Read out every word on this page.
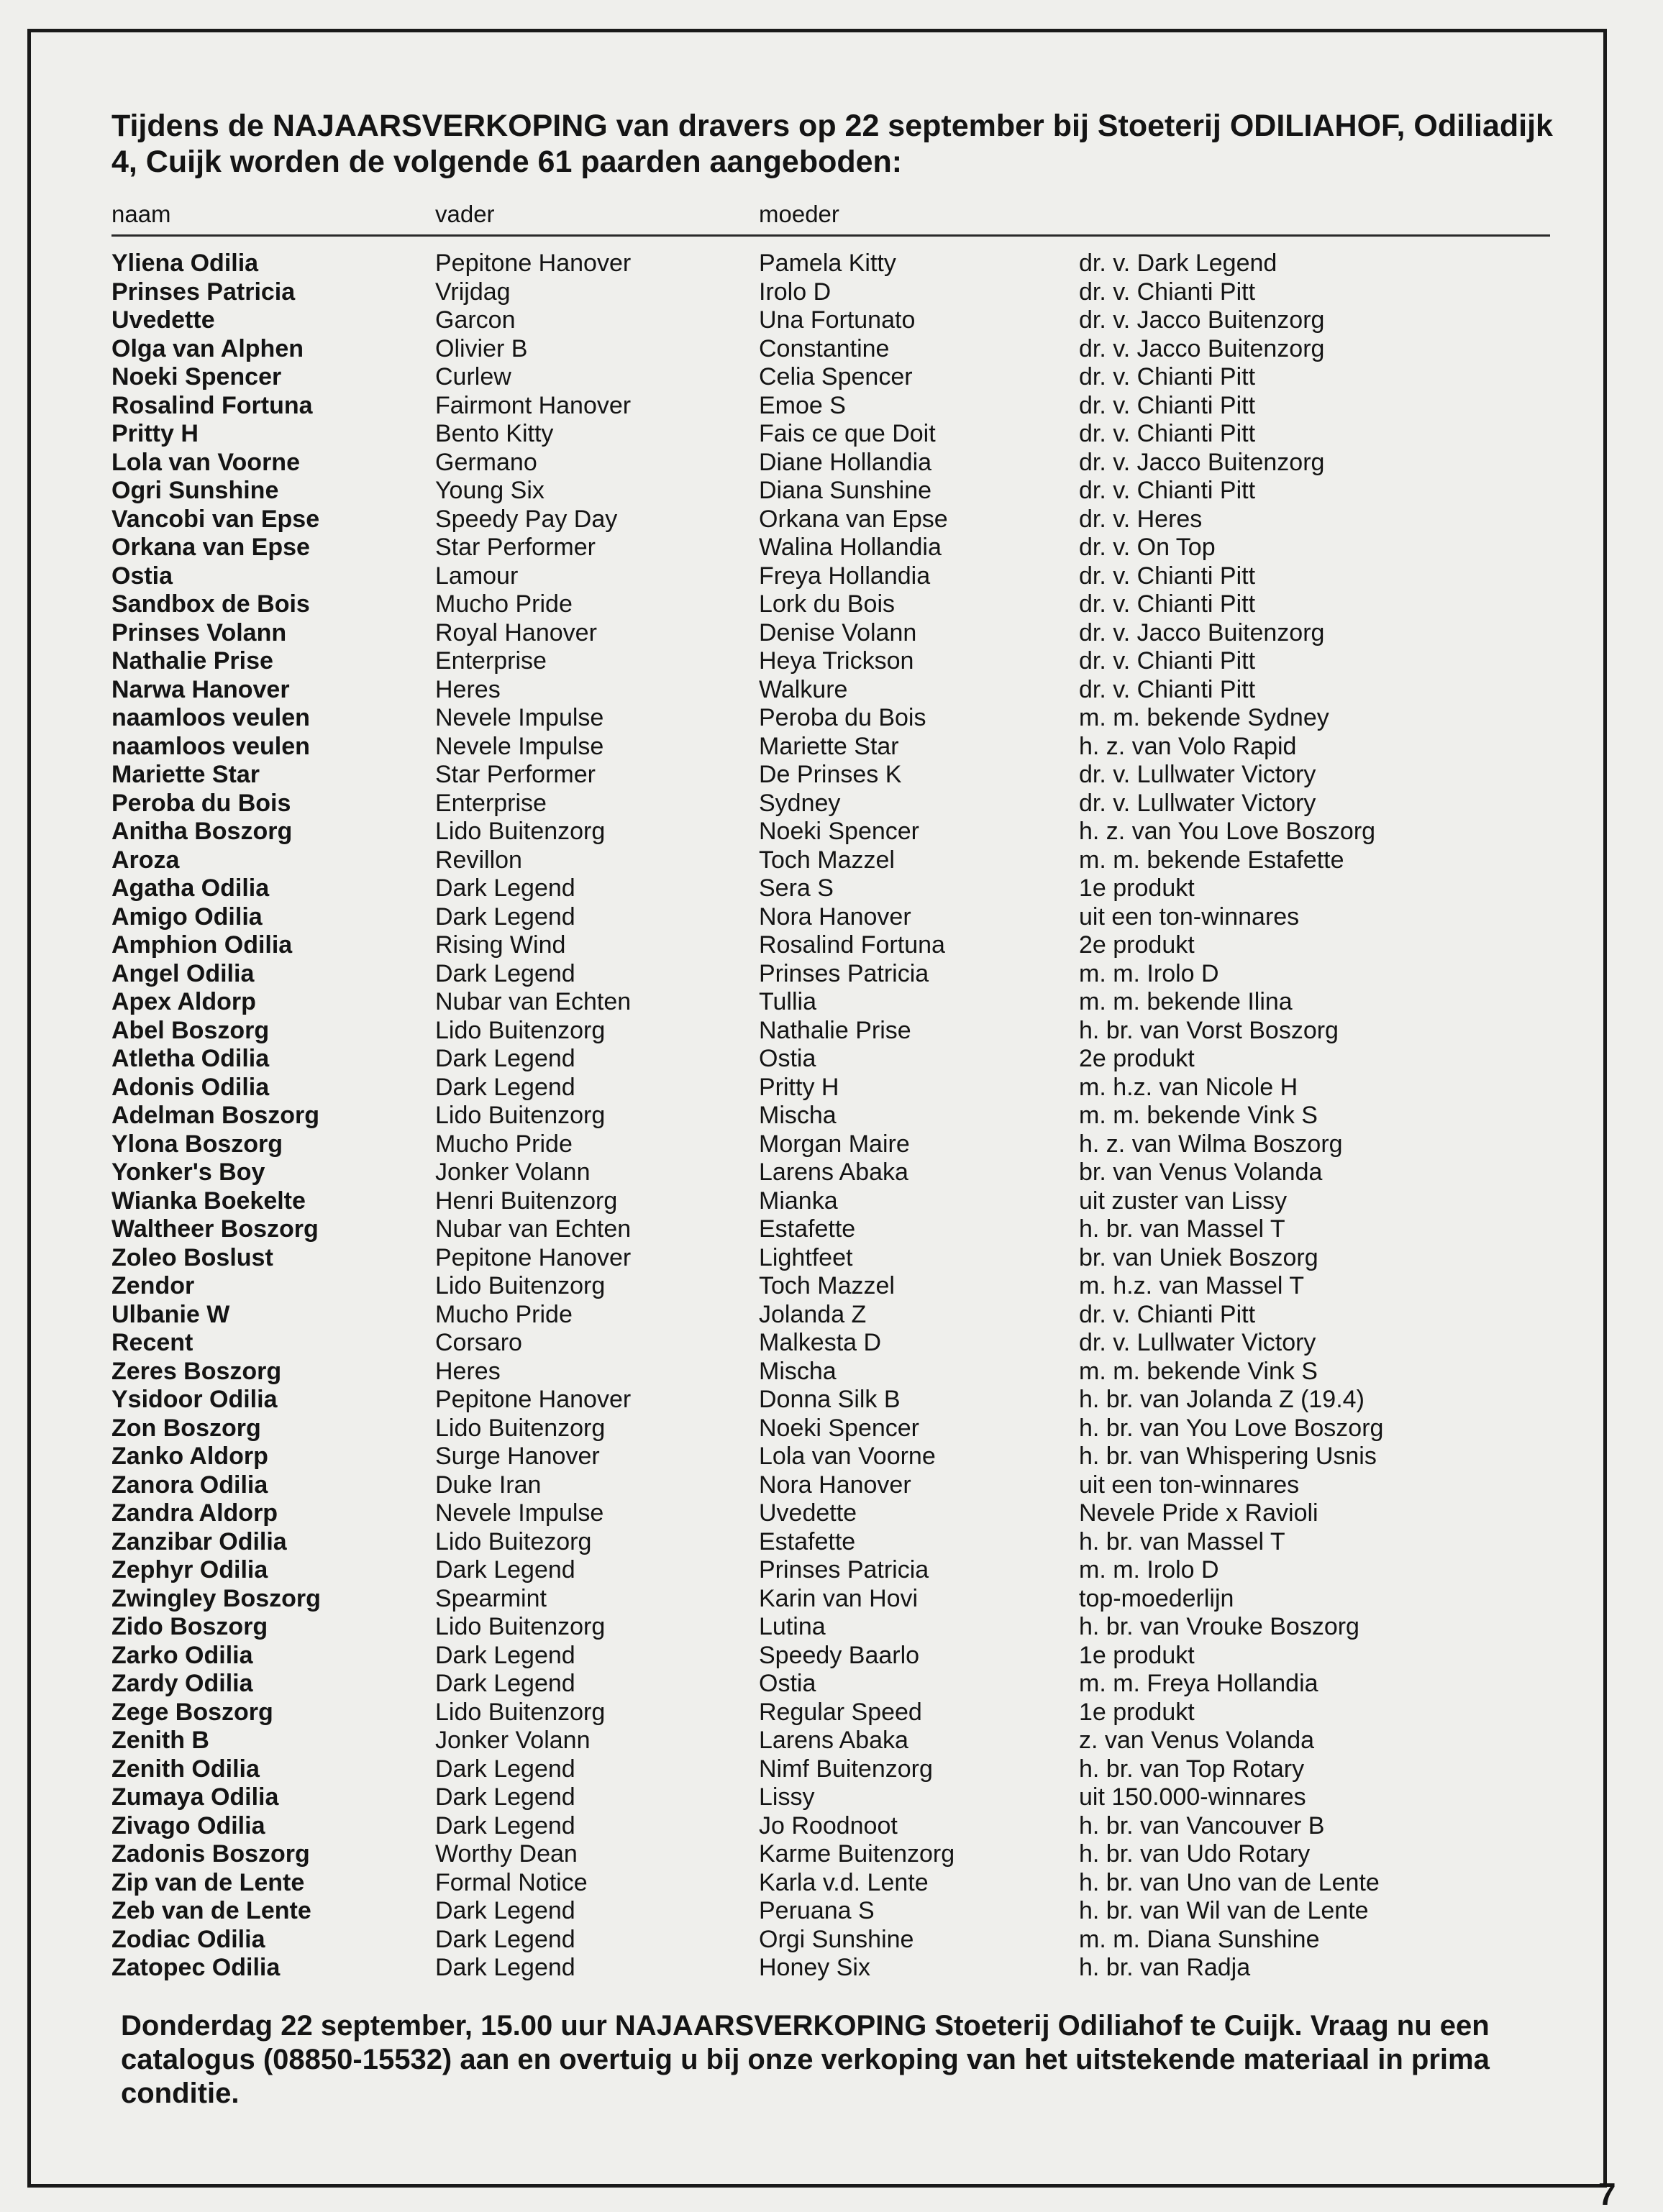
Tijdens de NAJAARSVERKOPING van dravers op 22 september bij Stoeterij ODILIAHOF, Odiliadijk 4, Cuijk worden de volgende 61 paarden aangeboden:

naam	vader	moeder
Yliena Odilia	Pepitone Hanover	Pamela Kitty	dr. v. Dark Legend
Prinses Patricia	Vrijdag	Irolo D	dr. v. Chianti Pitt
Uvedette	Garcon	Una Fortunato	dr. v. Jacco Buitenzorg
Olga van Alphen	Olivier B	Constantine	dr. v. Jacco Buitenzorg
Noeki Spencer	Curlew	Celia Spencer	dr. v. Chianti Pitt
Rosalind Fortuna	Fairmont Hanover	Emoe S	dr. v. Chianti Pitt
Pritty H	Bento Kitty	Fais ce que Doit	dr. v. Chianti Pitt
Lola van Voorne	Germano	Diane Hollandia	dr. v. Jacco Buitenzorg
Ogri Sunshine	Young Six	Diana Sunshine	dr. v. Chianti Pitt
Vancobi van Epse	Speedy Pay Day	Orkana van Epse	dr. v. Heres
Orkana van Epse	Star Performer	Walina Hollandia	dr. v. On Top
Ostia	Lamour	Freya Hollandia	dr. v. Chianti Pitt
Sandbox de Bois	Mucho Pride	Lork du Bois	dr. v. Chianti Pitt
Prinses Volann	Royal Hanover	Denise Volann	dr. v. Jacco Buitenzorg
Nathalie Prise	Enterprise	Heya Trickson	dr. v. Chianti Pitt
Narwa Hanover	Heres	Walkure	dr. v. Chianti Pitt
naamloos veulen	Nevele Impulse	Peroba du Bois	m. m. bekende Sydney
naamloos veulen	Nevele Impulse	Mariette Star	h. z. van Volo Rapid
Mariette Star	Star Performer	De Prinses K	dr. v. Lullwater Victory
Peroba du Bois	Enterprise	Sydney	dr. v. Lullwater Victory
Anitha Boszorg	Lido Buitenzorg	Noeki Spencer	h. z. van You Love Boszorg
Aroza	Revillon	Toch Mazzel	m. m. bekende Estafette
Agatha Odilia	Dark Legend	Sera S	1e produkt
Amigo Odilia	Dark Legend	Nora Hanover	uit een ton-winnares
Amphion Odilia	Rising Wind	Rosalind Fortuna	2e produkt
Angel Odilia	Dark Legend	Prinses Patricia	m. m. Irolo D
Apex Aldorp	Nubar van Echten	Tullia	m. m. bekende Ilina
Abel Boszorg	Lido Buitenzorg	Nathalie Prise	h. br. van Vorst Boszorg
Atletha Odilia	Dark Legend	Ostia	2e produkt
Adonis Odilia	Dark Legend	Pritty H	m. h.z. van Nicole H
Adelman Boszorg	Lido Buitenzorg	Mischa	m. m. bekende Vink S
Ylona Boszorg	Mucho Pride	Morgan Maire	h. z. van Wilma Boszorg
Yonker's Boy	Jonker Volann	Larens Abaka	br. van Venus Volanda
Wianka Boekelte	Henri Buitenzorg	Mianka	uit zuster van Lissy
Waltheer Boszorg	Nubar van Echten	Estafette	h. br. van Massel T
Zoleo Boslust	Pepitone Hanover	Lightfeet	br. van Uniek Boszorg
Zendor	Lido Buitenzorg	Toch Mazzel	m. h.z. van Massel T
Ulbanie W	Mucho Pride	Jolanda Z	dr. v. Chianti Pitt
Recent	Corsaro	Malkesta D	dr. v. Lullwater Victory
Zeres Boszorg	Heres	Mischa	m. m. bekende Vink S
Ysidoor Odilia	Pepitone Hanover	Donna Silk B	h. br. van Jolanda Z (19.4)
Zon Boszorg	Lido Buitenzorg	Noeki Spencer	h. br. van You Love Boszorg
Zanko Aldorp	Surge Hanover	Lola van Voorne	h. br. van Whispering Usnis
Zanora Odilia	Duke Iran	Nora Hanover	uit een ton-winnares
Zandra Aldorp	Nevele Impulse	Uvedette	Nevele Pride x Ravioli
Zanzibar Odilia	Lido Buitezorg	Estafette	h. br. van Massel T
Zephyr Odilia	Dark Legend	Prinses Patricia	m. m. Irolo D
Zwingley Boszorg	Spearmint	Karin van Hovi	top-moederlijn
Zido Boszorg	Lido Buitenzorg	Lutina	h. br. van Vrouke Boszorg
Zarko Odilia	Dark Legend	Speedy Baarlo	1e produkt
Zardy Odilia	Dark Legend	Ostia	m. m. Freya Hollandia
Zege Boszorg	Lido Buitenzorg	Regular Speed	1e produkt
Zenith B	Jonker Volann	Larens Abaka	z. van Venus Volanda
Zenith Odilia	Dark Legend	Nimf Buitenzorg	h. br. van Top Rotary
Zumaya Odilia	Dark Legend	Lissy	uit 150.000-winnares
Zivago Odilia	Dark Legend	Jo Roodnoot	h. br. van Vancouver B
Zadonis Boszorg	Worthy Dean	Karme Buitenzorg	h. br. van Udo Rotary
Zip van de Lente	Formal Notice	Karla v.d. Lente	h. br. van Uno van de Lente
Zeb van de Lente	Dark Legend	Peruana S	h. br. van Wil van de Lente
Zodiac Odilia	Dark Legend	Orgi Sunshine	m. m. Diana Sunshine
Zatopec Odilia	Dark Legend	Honey Six	h. br. van Radja

Donderdag 22 september, 15.00 uur NAJAARSVERKOPING Stoeterij Odiliahof te Cuijk. Vraag nu een catalogus (08850-15532) aan en overtuig u bij onze verkoping van het uitstekende materiaal in prima conditie.

7
